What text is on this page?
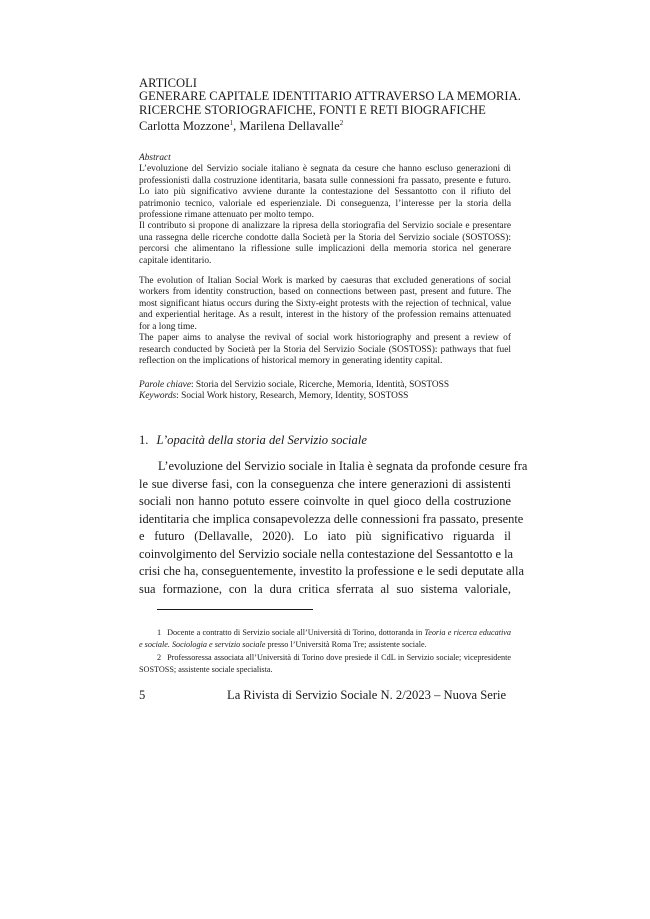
ARTICOLI
GENERARE CAPITALE IDENTITARIO ATTRAVERSO LA MEMORIA.
RICERCHE STORIOGRAFICHE, FONTI E RETI BIOGRAFICHE
Carlotta Mozzone$^1$, Marilena Dellavalle$^2$
Abstract

L’evoluzione del Servizio sociale italiano è segnata da cesure che hanno escluso generazioni di professionisti dalla costruzione identitaria, basata sulle connessioni fra passato, presente e futuro. Lo iato più significativo avviene durante la contestazione del Sessantotto con il rifiuto del patrimonio tecnico, valoriale ed esperienziale. Di conseguenza, l’interesse per la storia della professione rimane attenuato per molto tempo.

Il contributo si propone di analizzare la ripresa della storiografia del Servizio sociale e presentare una rassegna delle ricerche condotte dalla Società per la Storia del Servizio sociale (SOSTOSS): percorsi che alimentano la riflessione sulle implicazioni della memoria storica nel generare capitale identitario.

The evolution of Italian Social Work is marked by caesuras that excluded generations of social workers from identity construction, based on connections between past, present and future. The most significant hiatus occurs during the Sixty-eight protests with the rejection of technical, value and experiential heritage. As a result, interest in the history of the profession remains attenuated for a long time.

The paper aims to analyse the revival of social work historiography and present a review of research conducted by Società per la Storia del Servizio Sociale (SOSTOSS): pathways that fuel reflection on the implications of historical memory in generating identity capital.

Parole chiave: Storia del Servizio sociale, Ricerche, Memoria, Identità, SOSTOSS
Keywords: Social Work history, Research, Memory, Identity, SOSTOSS
1. L’opacità della storia del Servizio sociale
L’evoluzione del Servizio sociale in Italia è segnata da profonde cesure fra
le sue diverse fasi, con la conseguenza che intere generazioni di assistenti
sociali non hanno potuto essere coinvolte in quel gioco della costruzione
identitaria che implica consapevolezza delle connessioni fra passato, presente
e futuro (Dellavalle, 2020). Lo iato più significativo riguarda il
coinvolgimento del Servizio sociale nella contestazione del Sessantotto e la
crisi che ha, conseguentemente, investito la professione e le sedi deputate alla
sua formazione, con la dura critica sferrata al suo sistema valoriale,
1 Docente a contratto di Servizio sociale all’Università di Torino, dottoranda in Teoria e ricerca educativa e sociale. Sociologia e servizio sociale presso l’Università Roma Tre; assistente sociale.
2 Professoressa associata all’Università di Torino dove presiede il CdL in Servizio sociale; vicepresidente SOSTOSS; assistente sociale specialista.
5	La Rivista di Servizio Sociale N. 2/2023 – Nuova Serie
